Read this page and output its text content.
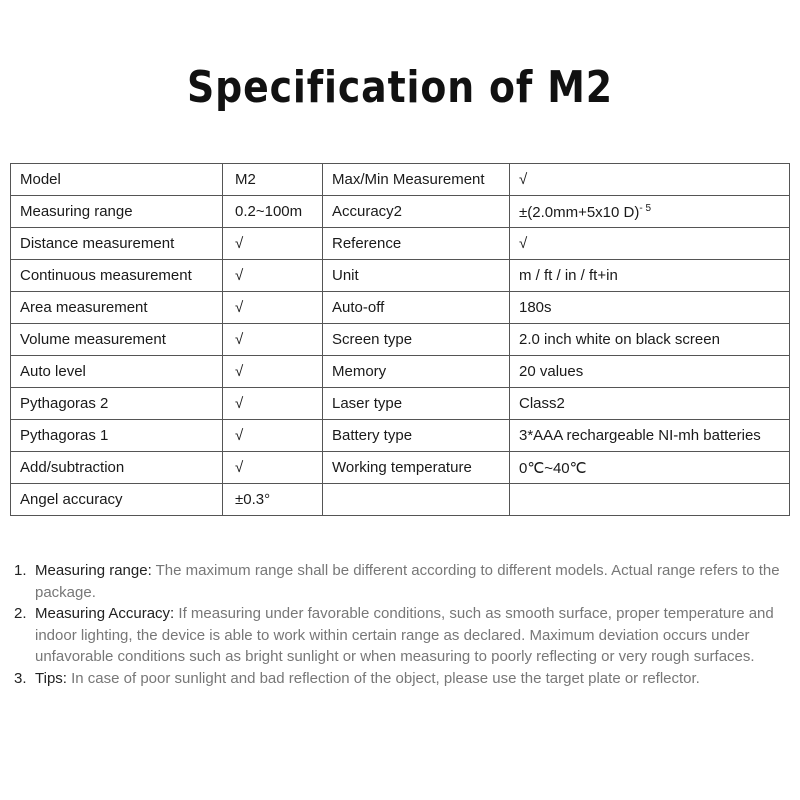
Specification of M2
Model	M2	Max/Min Measurement	√
Measuring range	0.2~100m	Accuracy2	±(2.0mm+5x10 D)$^{- 5}$
Distance measurement	√	Reference	√
Continuous measurement	√	Unit	m / ft / in / ft+in
Area measurement	√	Auto-off	180s
Volume measurement	√	Screen type	2.0 inch white on black screen
Auto level	√	Memory	20 values
Pythagoras 2	√	Laser type	Class2
Pythagoras 1	√	Battery type	3*AAA rechargeable NI-mh batteries
Add/subtraction	√	Working temperature	0℃~40℃
Angel accuracy	±0.3°		
1. Measuring range: The maximum range shall be different according to different models. Actual range refers to the package.
2. Measuring Accuracy: If measuring under favorable conditions, such as smooth surface, proper temperature and indoor lighting, the device is able to work within certain range as declared. Maximum deviation occurs under unfavorable conditions such as bright sunlight or when measuring to poorly reflecting or very rough surfaces.
3. Tips: In case of poor sunlight and bad reflection of the object, please use the target plate or reflector.
